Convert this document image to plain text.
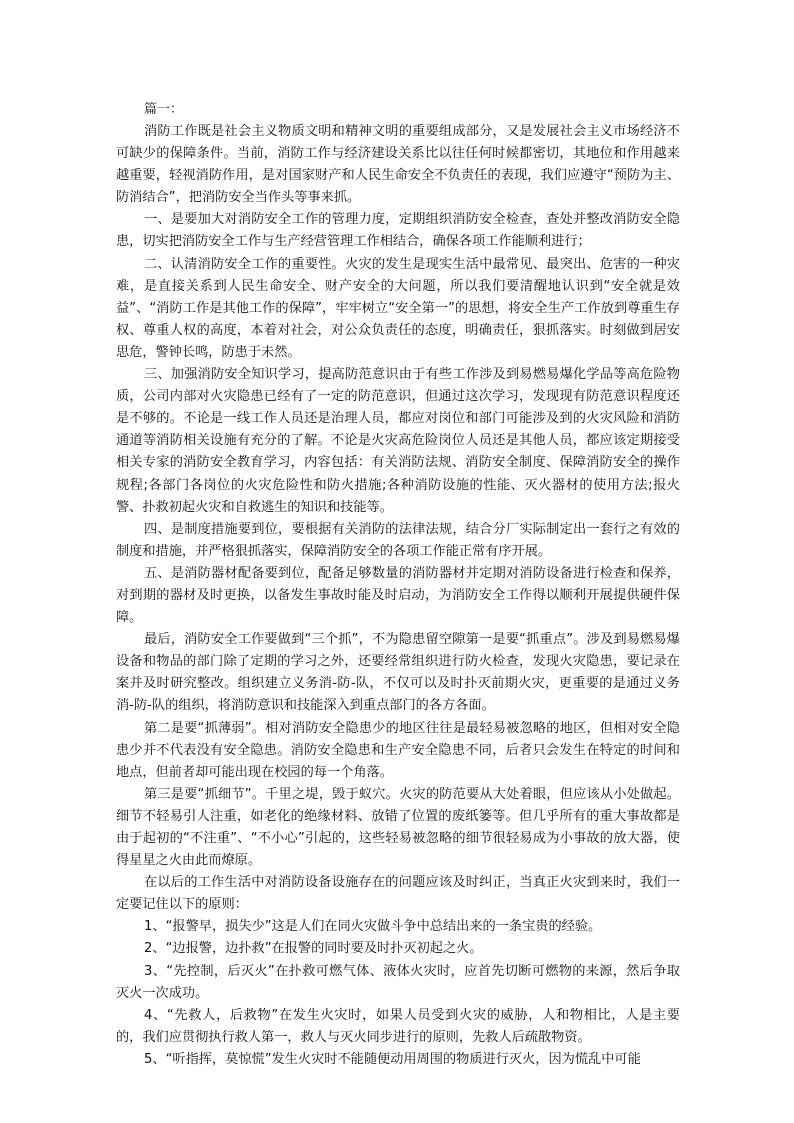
篇一：

消防工作既是社会主义物质文明和精神文明的重要组成部分，又是发展社会主义市场经济不可缺少的保障条件。当前，消防工作与经济建设关系比以往任何时候都密切，其地位和作用越来越重要，轻视消防作用，是对国家财产和人民生命安全不负责任的表现，我们应遵守“预防为主、防消结合”，把消防安全当作头等事来抓。

一、是要加大对消防安全工作的管理力度，定期组织消防安全检查，查处并整改消防安全隐患，切实把消防安全工作与生产经营管理工作相结合，确保各项工作能顺利进行；

二、认清消防安全工作的重要性。火灾的发生是现实生活中最常见、最突出、危害的一种灾难，是直接关系到人民生命安全、财产安全的大问题，所以我们要清醒地认识到“安全就是效益”、“消防工作是其他工作的保障”，牢牢树立“安全第一”的思想，将安全生产工作放到尊重生存权、尊重人权的高度，本着对社会，对公众负责任的态度，明确责任，狠抓落实。时刻做到居安思危，警钟长鸣，防患于未然。

三、加强消防安全知识学习，提高防范意识由于有些工作涉及到易燃易爆化学品等高危险物质，公司内部对火灾隐患已经有了一定的防范意识，但通过这次学习，发现现有防范意识程度还是不够的。不论是一线工作人员还是治理人员，都应对岗位和部门可能涉及到的火灾风险和消防通道等消防相关设施有充分的了解。不论是火灾高危险岗位人员还是其他人员，都应该定期接受相关专家的消防安全教育学习，内容包括：有关消防法规、消防安全制度、保障消防安全的操作规程;各部门各岗位的火灾危险性和防火措施;各种消防设施的性能、灭火器材的使用方法;报火警、扑救初起火灾和自救逃生的知识和技能等。

四、是制度措施要到位，要根据有关消防的法律法规，结合分厂实际制定出一套行之有效的制度和措施，并严格狠抓落实，保障消防安全的各项工作能正常有序开展。

五、是消防器材配备要到位，配备足够数量的消防器材并定期对消防设备进行检查和保养，对到期的器材及时更换，以备发生事故时能及时启动，为消防安全工作得以顺利开展提供硬件保障。

最后，消防安全工作要做到“三个抓”，不为隐患留空隙第一是要“抓重点”。涉及到易燃易爆设备和物品的部门除了定期的学习之外，还要经常组织进行防火检查，发现火灾隐患，要记录在案并及时研究整改。组织建立义务消-防-队，不仅可以及时扑灭前期火灾，更重要的是通过义务消-防-队的组织，将消防意识和技能深入到重点部门的各方各面。

第二是要“抓薄弱”。相对消防安全隐患少的地区往往是最轻易被忽略的地区，但相对安全隐患少并不代表没有安全隐患。消防安全隐患和生产安全隐患不同，后者只会发生在特定的时间和地点，但前者却可能出现在校园的每一个角落。

第三是要“抓细节”。千里之堤，毁于蚁穴。火灾的防范要从大处着眼，但应该从小处做起。细节不轻易引人注重，如老化的绝缘材料、放错了位置的废纸篓等。但几乎所有的重大事故都是由于起初的“不注重”、“不小心”引起的，这些轻易被忽略的细节很轻易成为小事故的放大器，使得星星之火由此而燎原。

在以后的工作生活中对消防设备设施存在的问题应该及时纠正，当真正火灾到来时，我们一定要记住以下的原则：

1、“报警早，损失少”这是人们在同火灾做斗争中总结出来的一条宝贵的经验。

2、“边报警，边扑救”在报警的同时要及时扑灭初起之火。

3、“先控制，后灭火”在扑救可燃气体、液体火灾时，应首先切断可燃物的来源，然后争取灭火一次成功。

4、“先救人，后救物”在发生火灾时，如果人员受到火灾的威胁，人和物相比，人是主要的，我们应贯彻执行救人第一，救人与灭火同步进行的原则，先救人后疏散物资。

5、“听指挥，莫惊慌”发生火灾时不能随便动用周围的物质进行灭火，因为慌乱中可能
